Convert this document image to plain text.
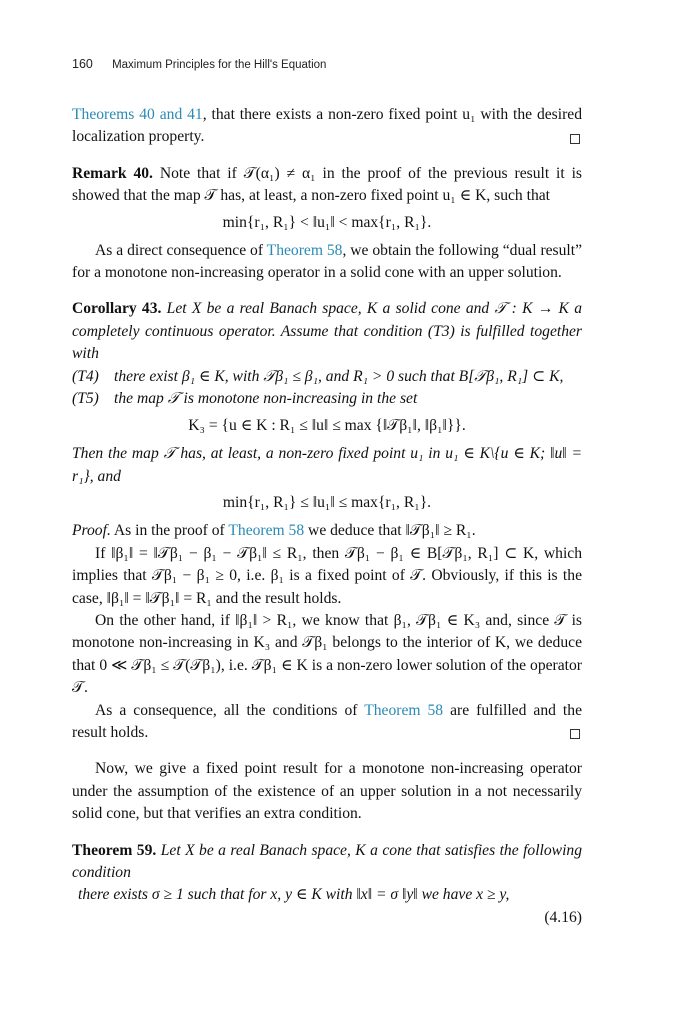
160 Maximum Principles for the Hill's Equation

Theorems 40 and 41, that there exists a non-zero fixed point u₁ with the desired localization property.

Remark 40. Note that if 𝒯(α₁) ≠ α₁ in the proof of the previous result it is showed that the map 𝒯 has, at least, a non-zero fixed point u₁ ∈ K, such that

min{r₁, R₁} < ‖u₁‖ < max{r₁, R₁}.

As a direct consequence of Theorem 58, we obtain the following “dual result” for a monotone non-increasing operator in a solid cone with an upper solution.

Corollary 43. Let X be a real Banach space, K a solid cone and 𝒯 : K → K a completely continuous operator. Assume that condition (T3) is fulfilled together with

(T4) there exist β₁ ∈ K, with 𝒯β₁ ≤ β₁, and R₁ > 0 such that B[𝒯β₁, R₁] ⊂ K,

(T5) the map 𝒯 is monotone non-increasing in the set

K₃ = {u ∈ K : R₁ ≤ ‖u‖ ≤ max {‖𝒯β₁‖, ‖β₁‖}}.

Then the map 𝒯 has, at least, a non-zero fixed point u₁ in u₁ ∈ K\{u ∈ K; ‖u‖ = r₁}, and

min{r₁, R₁} ≤ ‖u₁‖ ≤ max{r₁, R₁}.

Proof. As in the proof of Theorem 58 we deduce that ‖𝒯β₁‖ ≥ R₁.

If ‖β₁‖ = ‖𝒯β₁ − β₁ − 𝒯β₁‖ ≤ R₁, then 𝒯β₁ − β₁ ∈ B[𝒯β₁, R₁] ⊂ K, which implies that 𝒯β₁ − β₁ ≥ 0, i.e. β₁ is a fixed point of 𝒯. Obviously, if this is the case, ‖β₁‖ = ‖𝒯β₁‖ = R₁ and the result holds.

On the other hand, if ‖β₁‖ > R₁, we know that β₁, 𝒯β₁ ∈ K₃ and, since 𝒯 is monotone non-increasing in K₃ and 𝒯β₁ belongs to the interior of K, we deduce that 0 ≪ 𝒯β₁ ≤ 𝒯(𝒯β₁), i.e. 𝒯β₁ ∈ K is a non-zero lower solution of the operator 𝒯.

As a consequence, all the conditions of Theorem 58 are fulfilled and the result holds.

Now, we give a fixed point result for a monotone non-increasing operator under the assumption of the existence of an upper solution in a not necessarily solid cone, but that verifies an extra condition.

Theorem 59. Let X be a real Banach space, K a cone that satisfies the following condition

there exists σ ≥ 1 such that for x, y ∈ K with ‖x‖ = σ ‖y‖ we have x ≥ y,
(4.16)
